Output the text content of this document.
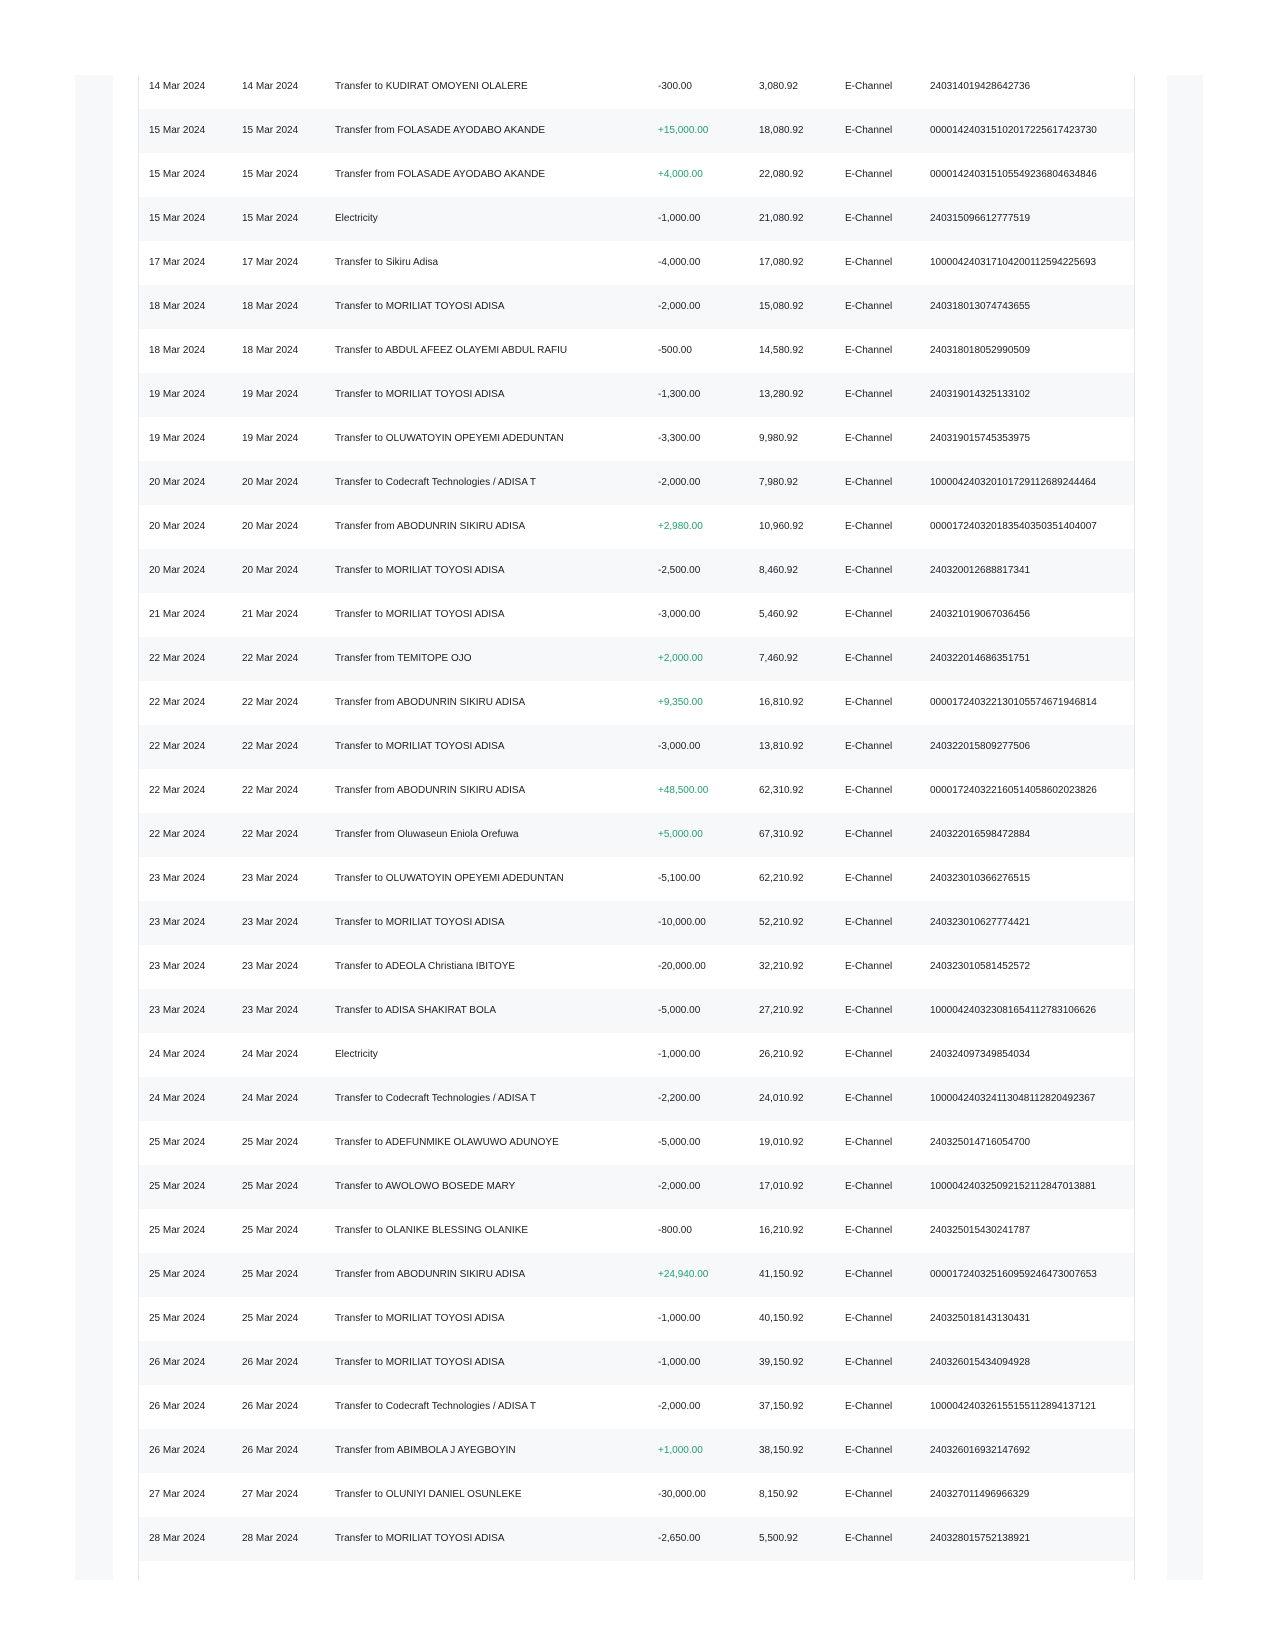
14 Mar 2024	14 Mar 2024	Transfer to KUDIRAT OMOYENI OLALERE	-300.00	3,080.92	E-Channel	240314019428642736
15 Mar 2024	15 Mar 2024	Transfer from FOLASADE AYODABO AKANDE	+15,000.00	18,080.92	E-Channel	000014240315102017225617423730
15 Mar 2024	15 Mar 2024	Transfer from FOLASADE AYODABO AKANDE	+4,000.00	22,080.92	E-Channel	000014240315105549236804634846
15 Mar 2024	15 Mar 2024	Electricity	-1,000.00	21,080.92	E-Channel	240315096612777519
17 Mar 2024	17 Mar 2024	Transfer to Sikiru Adisa	-4,000.00	17,080.92	E-Channel	100004240317104200112594225693
18 Mar 2024	18 Mar 2024	Transfer to MORILIAT TOYOSI ADISA	-2,000.00	15,080.92	E-Channel	240318013074743655
18 Mar 2024	18 Mar 2024	Transfer to ABDUL AFEEZ OLAYEMI ABDUL RAFIU	-500.00	14,580.92	E-Channel	240318018052990509
19 Mar 2024	19 Mar 2024	Transfer to MORILIAT TOYOSI ADISA	-1,300.00	13,280.92	E-Channel	240319014325133102
19 Mar 2024	19 Mar 2024	Transfer to OLUWATOYIN OPEYEMI ADEDUNTAN	-3,300.00	9,980.92	E-Channel	240319015745353975
20 Mar 2024	20 Mar 2024	Transfer to Codecraft Technologies / ADISA T	-2,000.00	7,980.92	E-Channel	100004240320101729112689244464
20 Mar 2024	20 Mar 2024	Transfer from ABODUNRIN SIKIRU ADISA	+2,980.00	10,960.92	E-Channel	000017240320183540350351404007
20 Mar 2024	20 Mar 2024	Transfer to MORILIAT TOYOSI ADISA	-2,500.00	8,460.92	E-Channel	240320012688817341
21 Mar 2024	21 Mar 2024	Transfer to MORILIAT TOYOSI ADISA	-3,000.00	5,460.92	E-Channel	240321019067036456
22 Mar 2024	22 Mar 2024	Transfer from TEMITOPE OJO	+2,000.00	7,460.92	E-Channel	240322014686351751
22 Mar 2024	22 Mar 2024	Transfer from ABODUNRIN SIKIRU ADISA	+9,350.00	16,810.92	E-Channel	000017240322130105574671946814
22 Mar 2024	22 Mar 2024	Transfer to MORILIAT TOYOSI ADISA	-3,000.00	13,810.92	E-Channel	240322015809277506
22 Mar 2024	22 Mar 2024	Transfer from ABODUNRIN SIKIRU ADISA	+48,500.00	62,310.92	E-Channel	000017240322160514058602023826
22 Mar 2024	22 Mar 2024	Transfer from Oluwaseun Eniola Orefuwa	+5,000.00	67,310.92	E-Channel	240322016598472884
23 Mar 2024	23 Mar 2024	Transfer to OLUWATOYIN OPEYEMI ADEDUNTAN	-5,100.00	62,210.92	E-Channel	240323010366276515
23 Mar 2024	23 Mar 2024	Transfer to MORILIAT TOYOSI ADISA	-10,000.00	52,210.92	E-Channel	240323010627774421
23 Mar 2024	23 Mar 2024	Transfer to ADEOLA Christiana IBITOYE	-20,000.00	32,210.92	E-Channel	240323010581452572
23 Mar 2024	23 Mar 2024	Transfer to ADISA SHAKIRAT BOLA	-5,000.00	27,210.92	E-Channel	100004240323081654112783106626
24 Mar 2024	24 Mar 2024	Electricity	-1,000.00	26,210.92	E-Channel	240324097349854034
24 Mar 2024	24 Mar 2024	Transfer to Codecraft Technologies / ADISA T	-2,200.00	24,010.92	E-Channel	100004240324113048112820492367
25 Mar 2024	25 Mar 2024	Transfer to ADEFUNMIKE OLAWUWO ADUNOYE	-5,000.00	19,010.92	E-Channel	240325014716054700
25 Mar 2024	25 Mar 2024	Transfer to AWOLOWO BOSEDE MARY	-2,000.00	17,010.92	E-Channel	100004240325092152112847013881
25 Mar 2024	25 Mar 2024	Transfer to OLANIKE BLESSING OLANIKE	-800.00	16,210.92	E-Channel	240325015430241787
25 Mar 2024	25 Mar 2024	Transfer from ABODUNRIN SIKIRU ADISA	+24,940.00	41,150.92	E-Channel	000017240325160959246473007653
25 Mar 2024	25 Mar 2024	Transfer to MORILIAT TOYOSI ADISA	-1,000.00	40,150.92	E-Channel	240325018143130431
26 Mar 2024	26 Mar 2024	Transfer to MORILIAT TOYOSI ADISA	-1,000.00	39,150.92	E-Channel	240326015434094928
26 Mar 2024	26 Mar 2024	Transfer to Codecraft Technologies / ADISA T	-2,000.00	37,150.92	E-Channel	100004240326155155112894137121
26 Mar 2024	26 Mar 2024	Transfer from ABIMBOLA J AYEGBOYIN	+1,000.00	38,150.92	E-Channel	240326016932147692
27 Mar 2024	27 Mar 2024	Transfer to OLUNIYI DANIEL OSUNLEKE	-30,000.00	8,150.92	E-Channel	240327011496966329
28 Mar 2024	28 Mar 2024	Transfer to MORILIAT TOYOSI ADISA	-2,650.00	5,500.92	E-Channel	240328015752138921
